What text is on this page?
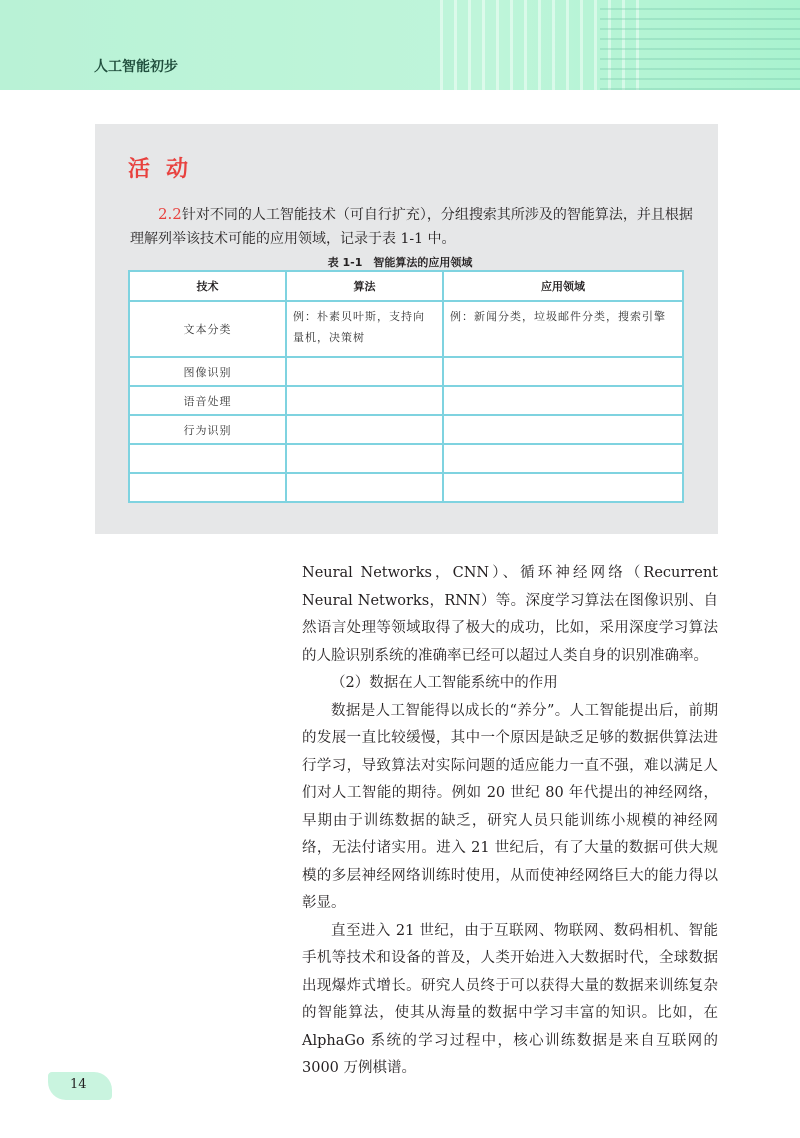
人工智能初步
活动
2.2针对不同的人工智能技术（可自行扩充），分组搜索其所涉及的智能算法，并且根据理解列举该技术可能的应用领域，记录于表 1-1 中。
表 1-1　智能算法的应用领域
技术	算法	应用领域
文本分类	例：朴素贝叶斯，支持向量机，决策树	例：新闻分类，垃圾邮件分类，搜索引擎
图像识别		
语音处理		
行为识别		

Neural Networks，CNN）、循环神经网络（Recurrent Neural Networks，RNN）等。深度学习算法在图像识别、自然语言处理等领域取得了极大的成功，比如，采用深度学习算法的人脸识别系统的准确率已经可以超过人类自身的识别准确率。

（2）数据在人工智能系统中的作用

数据是人工智能得以成长的“养分”。人工智能提出后，前期的发展一直比较缓慢，其中一个原因是缺乏足够的数据供算法进行学习，导致算法对实际问题的适应能力一直不强，难以满足人们对人工智能的期待。例如 20 世纪 80 年代提出的神经网络，早期由于训练数据的缺乏，研究人员只能训练小规模的神经网络，无法付诸实用。进入 21 世纪后，有了大量的数据可供大规模的多层神经网络训练时使用，从而使神经网络巨大的能力得以彰显。

直至进入 21 世纪，由于互联网、物联网、数码相机、智能手机等技术和设备的普及，人类开始进入大数据时代，全球数据出现爆炸式增长。研究人员终于可以获得大量的数据来训练复杂的智能算法，使其从海量的数据中学习丰富的知识。比如，在 AlphaGo 系统的学习过程中，核心训练数据是来自互联网的 3000 万例棋谱。

14
